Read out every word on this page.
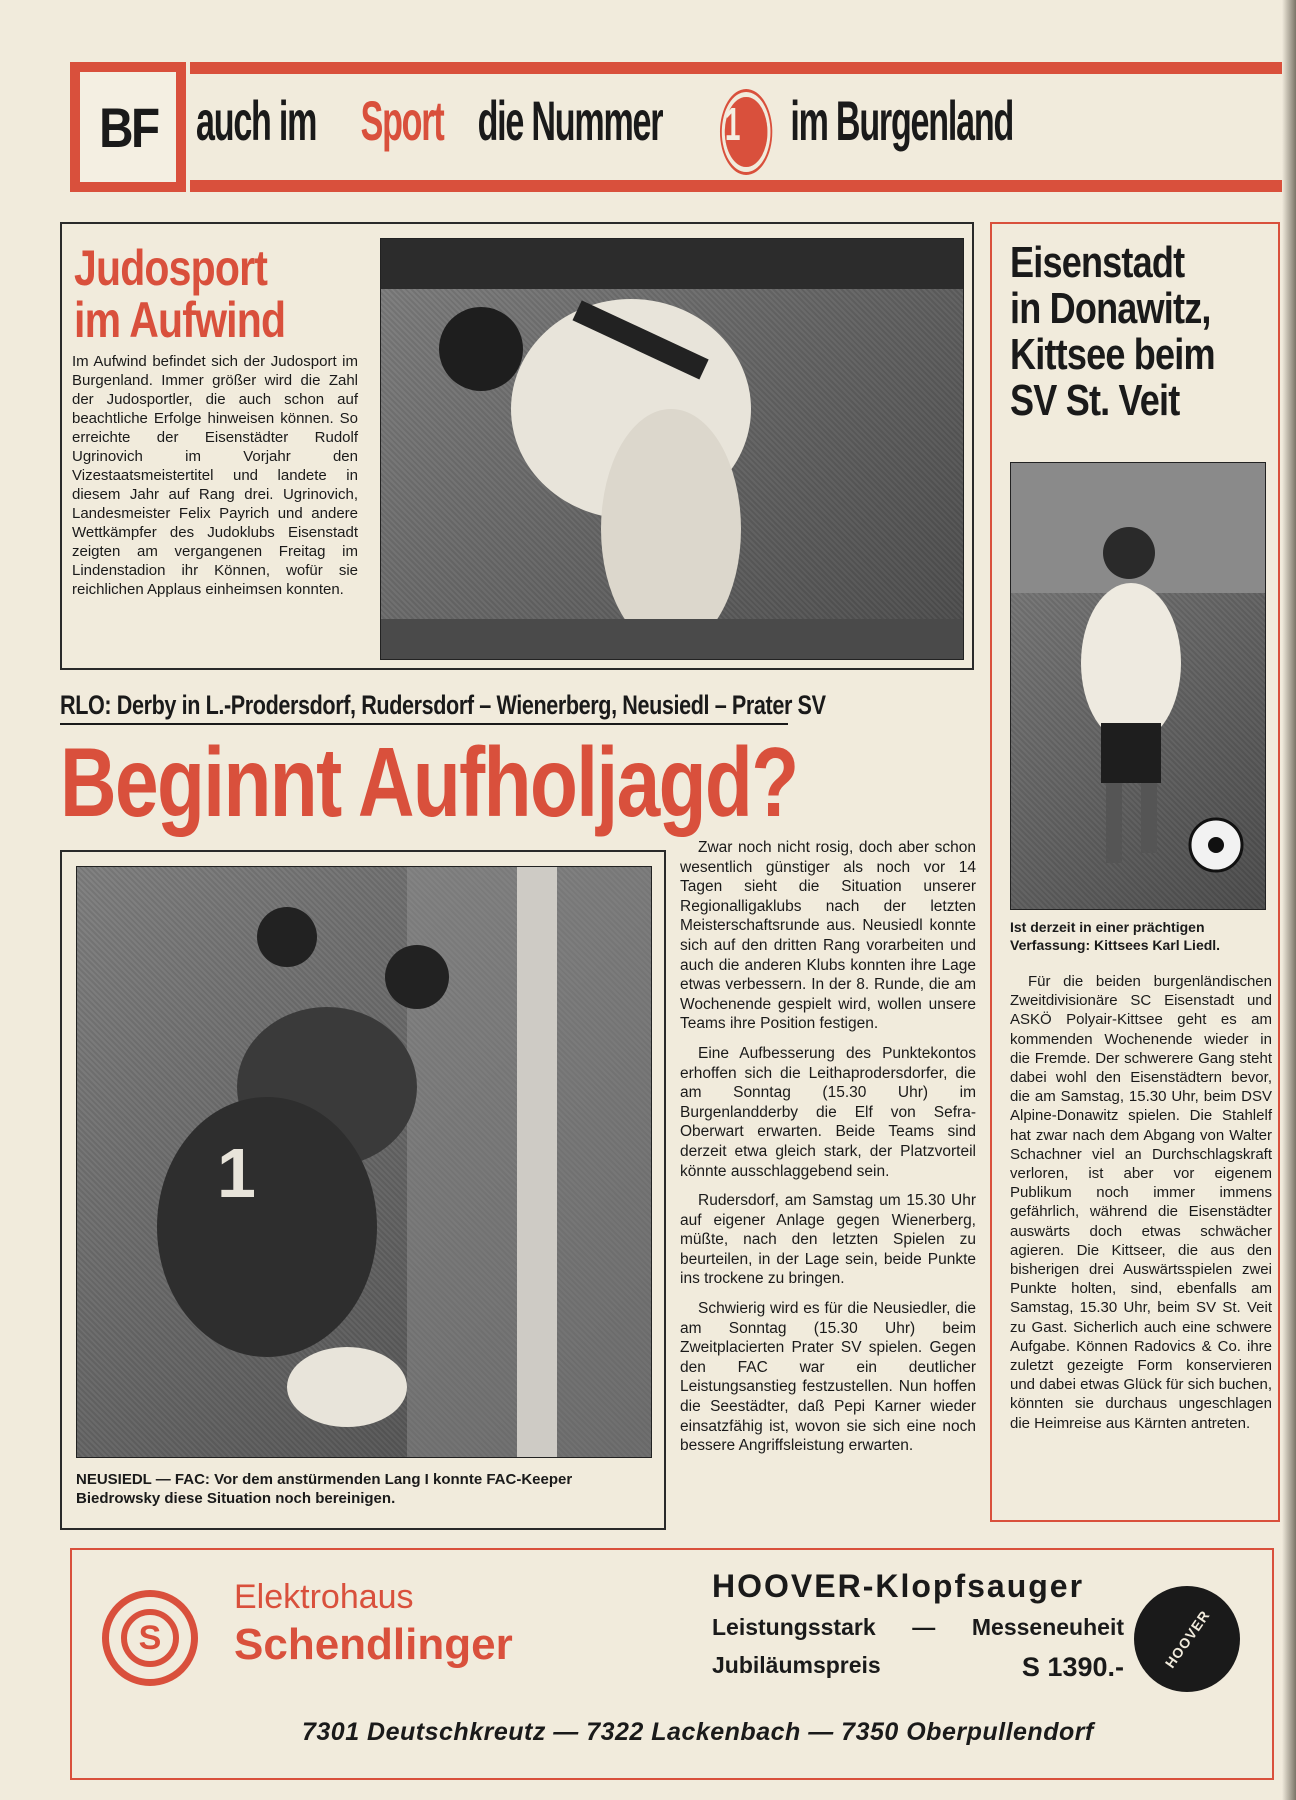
BF auch im Sport die Nummer 1 im Burgenland
Judosport
im Aufwind
Im Aufwind befindet sich der Judosport im Burgenland. Immer größer wird die Zahl der Judosportler, die auch schon auf beachtliche Erfolge hinweisen können. So erreichte der Eisenstädter Rudolf Ugrinovich im Vorjahr den Vizestaatsmeistertitel und landete in diesem Jahr auf Rang drei. Ugrinovich, Landesmeister Felix Payrich und andere Wettkämpfer des Judoklubs Eisenstadt zeigten am vergangenen Freitag im Lindenstadion ihr Können, wofür sie reichlichen Applaus einheimsen konnten.
Eisenstadt
in Donawitz,
Kittsee beim
SV St. Veit
Ist derzeit in einer prächtigen Verfassung: Kittsees Karl Liedl.
Für die beiden burgenländischen Zweitdivisionäre SC Eisenstadt und ASKÖ Polyair-Kittsee geht es am kommenden Wochenende wieder in die Fremde. Der schwerere Gang steht dabei wohl den Eisenstädtern bevor, die am Samstag, 15.30 Uhr, beim DSV Alpine-Donawitz spielen. Die Stahlelf hat zwar nach dem Abgang von Walter Schachner viel an Durchschlagskraft verloren, ist aber vor eigenem Publikum noch immer immens gefährlich, während die Eisenstädter auswärts doch etwas schwächer agieren. Die Kittseer, die aus den bisherigen drei Auswärtsspielen zwei Punkte holten, sind, ebenfalls am Samstag, 15.30 Uhr, beim SV St. Veit zu Gast. Sicherlich auch eine schwere Aufgabe. Können Radovics & Co. ihre zuletzt gezeigte Form konservieren und dabei etwas Glück für sich buchen, könnten sie durchaus ungeschlagen die Heimreise aus Kärnten antreten.
RLO: Derby in L.-Prodersdorf, Rudersdorf – Wienerberg, Neusiedl – Prater SV
Beginnt Aufholjagd?
1
NEUSIEDL — FAC: Vor dem anstürmenden Lang I konnte FAC-Keeper Biedrowsky diese Situation noch bereinigen.

Zwar noch nicht rosig, doch aber schon wesentlich günstiger als noch vor 14 Tagen sieht die Situation unserer Regionalligaklubs nach der letzten Meisterschaftsrunde aus. Neusiedl konnte sich auf den dritten Rang vorarbeiten und auch die anderen Klubs konnten ihre Lage etwas verbessern. In der 8. Runde, die am Wochenende gespielt wird, wollen unsere Teams ihre Position festigen.

Eine Aufbesserung des Punktekontos erhoffen sich die Leithaprodersdorfer, die am Sonntag (15.30 Uhr) im Burgenlandderby die Elf von Sefra-Oberwart erwarten. Beide Teams sind derzeit etwa gleich stark, der Platzvorteil könnte ausschlaggebend sein.

Rudersdorf, am Samstag um 15.30 Uhr auf eigener Anlage gegen Wienerberg, müßte, nach den letzten Spielen zu beurteilen, in der Lage sein, beide Punkte ins trockene zu bringen.

Schwierig wird es für die Neusiedler, die am Sonntag (15.30 Uhr) beim Zweitplacierten Prater SV spielen. Gegen den FAC war ein deutlicher Leistungsanstieg festzustellen. Nun hoffen die Seestädter, daß Pepi Karner wieder einsatzfähig ist, wovon sie sich eine noch bessere Angriffsleistung erwarten.

S
Elektrohaus
Schendlinger
HOOVER-Klopfsauger
Leistungsstark — Messeneuheit
Jubiläumspreis	S 1390.-	HOOVER
7301 Deutschkreutz — 7322 Lackenbach — 7350 Oberpullendorf
